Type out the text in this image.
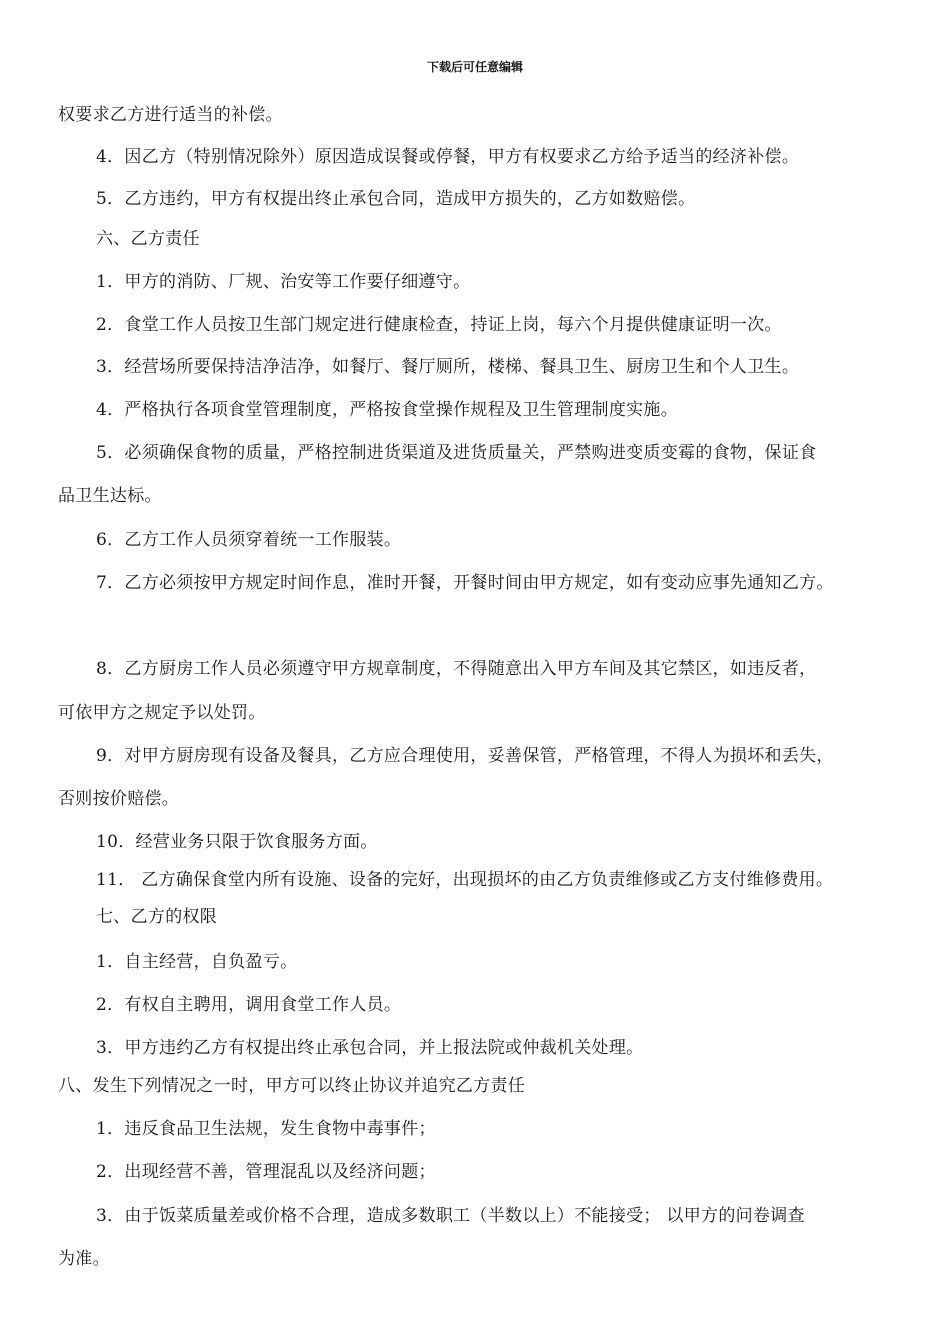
下载后可任意编辑
权要求乙方进行适当的补偿。
4．因乙方（特别情况除外）原因造成误餐或停餐，甲方有权要求乙方给予适当的经济补偿。
5．乙方违约，甲方有权提出终止承包合同，造成甲方损失的，乙方如数赔偿。
六、乙方责任
1．甲方的消防、厂规、治安等工作要仔细遵守。
2．食堂工作人员按卫生部门规定进行健康检查，持证上岗，每六个月提供健康证明一次。
3．经营场所要保持洁净洁净，如餐厅、餐厅厕所，楼梯、餐具卫生、厨房卫生和个人卫生。
4．严格执行各项食堂管理制度，严格按食堂操作规程及卫生管理制度实施。
5．必须确保食物的质量，严格控制进货渠道及进货质量关，严禁购进变质变霉的食物，保证食
品卫生达标。
6．乙方工作人员须穿着统一工作服装。
7．乙方必须按甲方规定时间作息，准时开餐，开餐时间由甲方规定，如有变动应事先通知乙方。
8．乙方厨房工作人员必须遵守甲方规章制度，不得随意出入甲方车间及其它禁区，如违反者，
可依甲方之规定予以处罚。
9．对甲方厨房现有设备及餐具，乙方应合理使用，妥善保管，严格管理，不得人为损坏和丢失，
否则按价赔偿。
10．经营业务只限于饮食服务方面。
11． 乙方确保食堂内所有设施、设备的完好，出现损坏的由乙方负责维修或乙方支付维修费用。
七、乙方的权限
1．自主经营，自负盈亏。
2．有权自主聘用，调用食堂工作人员。
3．甲方违约乙方有权提出终止承包合同，并上报法院或仲裁机关处理。
八、发生下列情况之一时，甲方可以终止协议并追究乙方责任
1．违反食品卫生法规，发生食物中毒事件；
2．出现经营不善，管理混乱以及经济问题；
3．由于饭菜质量差或价格不合理，造成多数职工（半数以上）不能接受； 以甲方的问卷调查
为准。
